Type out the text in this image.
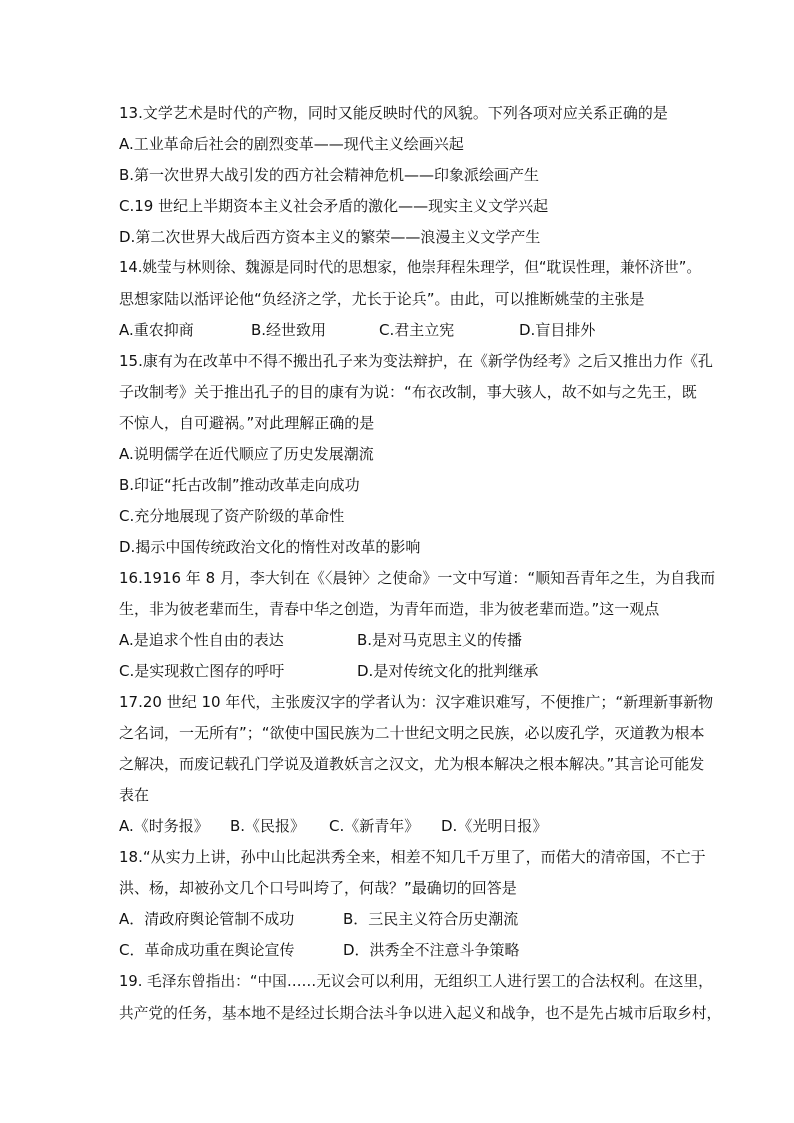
13.文学艺术是时代的产物，同时又能反映时代的风貌。下列各项对应关系正确的是
A.工业革命后社会的剧烈变革——现代主义绘画兴起
B.第一次世界大战引发的西方社会精神危机——印象派绘画产生
C.19 世纪上半期资本主义社会矛盾的激化——现实主义文学兴起
D.第二次世界大战后西方资本主义的繁荣——浪漫主义文学产生
14.姚莹与林则徐、魏源是同时代的思想家，他崇拜程朱理学，但“耽误性理，兼怀济世”。
思想家陆以湉评论他“负经济之学，尤长于论兵”。由此，可以推断姚莹的主张是
A.重农抑商	B.经世致用	C.君主立宪	D.盲目排外
15.康有为在改革中不得不搬出孔子来为变法辩护，在《新学伪经考》之后又推出力作《孔
子改制考》关于推出孔子的目的康有为说：“布衣改制，事大骇人，故不如与之先王，既
不惊人，自可避祸。”对此理解正确的是
A.说明儒学在近代顺应了历史发展潮流
B.印证“托古改制”推动改革走向成功
C.充分地展现了资产阶级的革命性
D.揭示中国传统政治文化的惰性对改革的影响
16.1916 年 8 月，李大钊在《〈晨钟〉之使命》一文中写道：“顺知吾青年之生，为自我而
生，非为彼老辈而生，青春中华之创造，为青年而造，非为彼老辈而造。”这一观点
A.是追求个性自由的表达	B.是对马克思主义的传播
C.是实现救亡图存的呼吁	D.是对传统文化的批判继承
17.20 世纪 10 年代，主张废汉字的学者认为：汉字难识难写，不便推广；“新理新事新物
之名词，一无所有”；“欲使中国民族为二十世纪文明之民族，必以废孔学，灭道教为根本
之解决，而废记载孔门学说及道教妖言之汉文，尤为根本解决之根本解决。”其言论可能发
表在
A.《时务报》 B.《民报》 C.《新青年》 D.《光明日报》
18.“从实力上讲，孙中山比起洪秀全来，相差不知几千万里了，而偌大的清帝国，不亡于
洪、杨，却被孙文几个口号叫垮了，何哉？”最确切的回答是
A．清政府舆论管制不成功	B．三民主义符合历史潮流
C．革命成功重在舆论宣传	D．洪秀全不注意斗争策略
19. 毛泽东曾指出：“中国……无议会可以利用，无组织工人进行罢工的合法权利。在这里，
共产党的任务，基本地不是经过长期合法斗争以进入起义和战争，也不是先占城市后取乡村，
